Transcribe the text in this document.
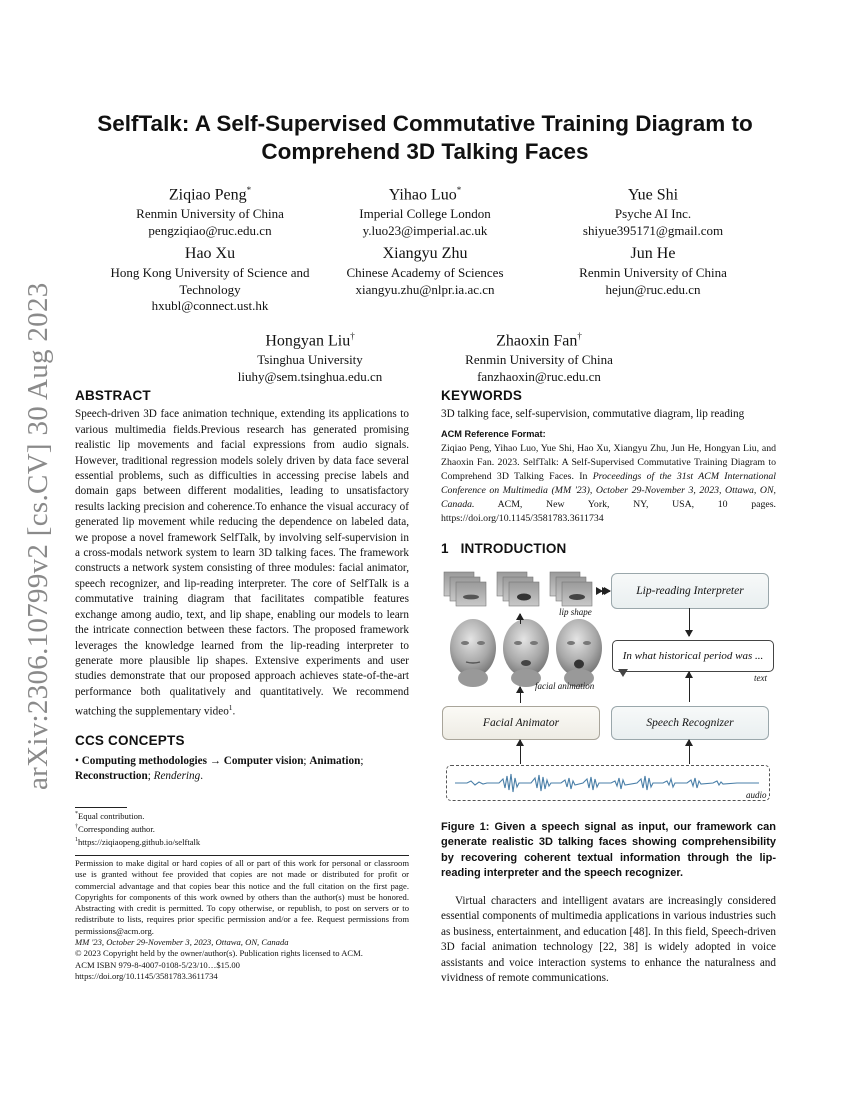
arXiv:2306.10799v2 [cs.CV] 30 Aug 2023
SelfTalk: A Self-Supervised Commutative Training Diagram to
Comprehend 3D Talking Faces
Ziqiao Peng*
Renmin University of China
pengziqiao@ruc.edu.cn
Yihao Luo*
Imperial College London
y.luo23@imperial.ac.uk
Yue Shi
Psyche AI Inc.
shiyue395171@gmail.com
Hao Xu
Hong Kong University of Science and
Technology
hxubl@connect.ust.hk
Xiangyu Zhu
Chinese Academy of Sciences
xiangyu.zhu@nlpr.ia.ac.cn
Jun He
Renmin University of China
hejun@ruc.edu.cn
Hongyan Liu†
Tsinghua University
liuhy@sem.tsinghua.edu.cn
Zhaoxin Fan†
Renmin University of China
fanzhaoxin@ruc.edu.cn
ABSTRACT

Speech-driven 3D face animation technique, extending its applications to various multimedia fields.Previous research has generated promising realistic lip movements and facial expressions from audio signals. However, traditional regression models solely driven by data face several essential problems, such as difficulties in accessing precise labels and domain gaps between different modalities, leading to unsatisfactory results lacking precision and coherence.To enhance the visual accuracy of generated lip movement while reducing the dependence on labeled data, we propose a novel framework SelfTalk, by involving self-supervision in a cross-modals network system to learn 3D talking faces. The framework constructs a network system consisting of three modules: facial animator, speech recognizer, and lip-reading interpreter. The core of SelfTalk is a commutative training diagram that facilitates compatible features exchange among audio, text, and lip shape, enabling our models to learn the intricate connection between these factors. The proposed framework leverages the knowledge learned from the lip-reading interpreter to generate more plausible lip shapes. Extensive experiments and user studies demonstrate that our proposed approach achieves state-of-the-art performance both qualitatively and quantitatively. We recommend watching the supplementary video$^1$.

CCS CONCEPTS

• Computing methodologies → Computer vision; Animation; Reconstruction; Rendering.

*Equal contribution.
†Corresponding author.
$^1$https://ziqiaopeng.github.io/selftalk
Permission to make digital or hard copies of all or part of this work for personal or classroom use is granted without fee provided that copies are not made or distributed for profit or commercial advantage and that copies bear this notice and the full citation on the first page. Copyrights for components of this work owned by others than the author(s) must be honored. Abstracting with credit is permitted. To copy otherwise, or republish, to post on servers or to redistribute to lists, requires prior specific permission and/or a fee. Request permissions from permissions@acm.org.
MM '23, October 29-November 3, 2023, Ottawa, ON, Canada
© 2023 Copyright held by the owner/author(s). Publication rights licensed to ACM.
ACM ISBN 979-8-4007-0108-5/23/10…$15.00
https://doi.org/10.1145/3581783.3611734
KEYWORDS

3D talking face, self-supervision, commutative diagram, lip reading

ACM Reference Format:

Ziqiao Peng, Yihao Luo, Yue Shi, Hao Xu, Xiangyu Zhu, Jun He, Hongyan Liu, and Zhaoxin Fan. 2023. SelfTalk: A Self-Supervised Commutative Training Diagram to Comprehend 3D Talking Faces. In Proceedings of the 31st ACM International Conference on Multimedia (MM '23), October 29-November 3, 2023, Ottawa, ON, Canada. ACM, New York, NY, USA, 10 pages. https://doi.org/10.1145/3581783.3611734

1 INTRODUCTION
lip shape
Lip-reading Interpreter
facial animation
In what historical period was ...
text
Facial Animator	Speech Recognizer
audio
Figure 1: Given a speech signal as input, our framework can generate realistic 3D talking faces showing comprehensibility by recovering coherent textual information through the lip-reading interpreter and the speech recognizer.
Virtual characters and intelligent avatars are increasingly considered essential components of multimedia applications in various industries such as business, entertainment, and education [48]. In this field, Speech-driven 3D facial animation technology [22, 38] is widely adopted in voice assistants and voice interaction systems to enhance the naturalness and vividness of remote communications.
